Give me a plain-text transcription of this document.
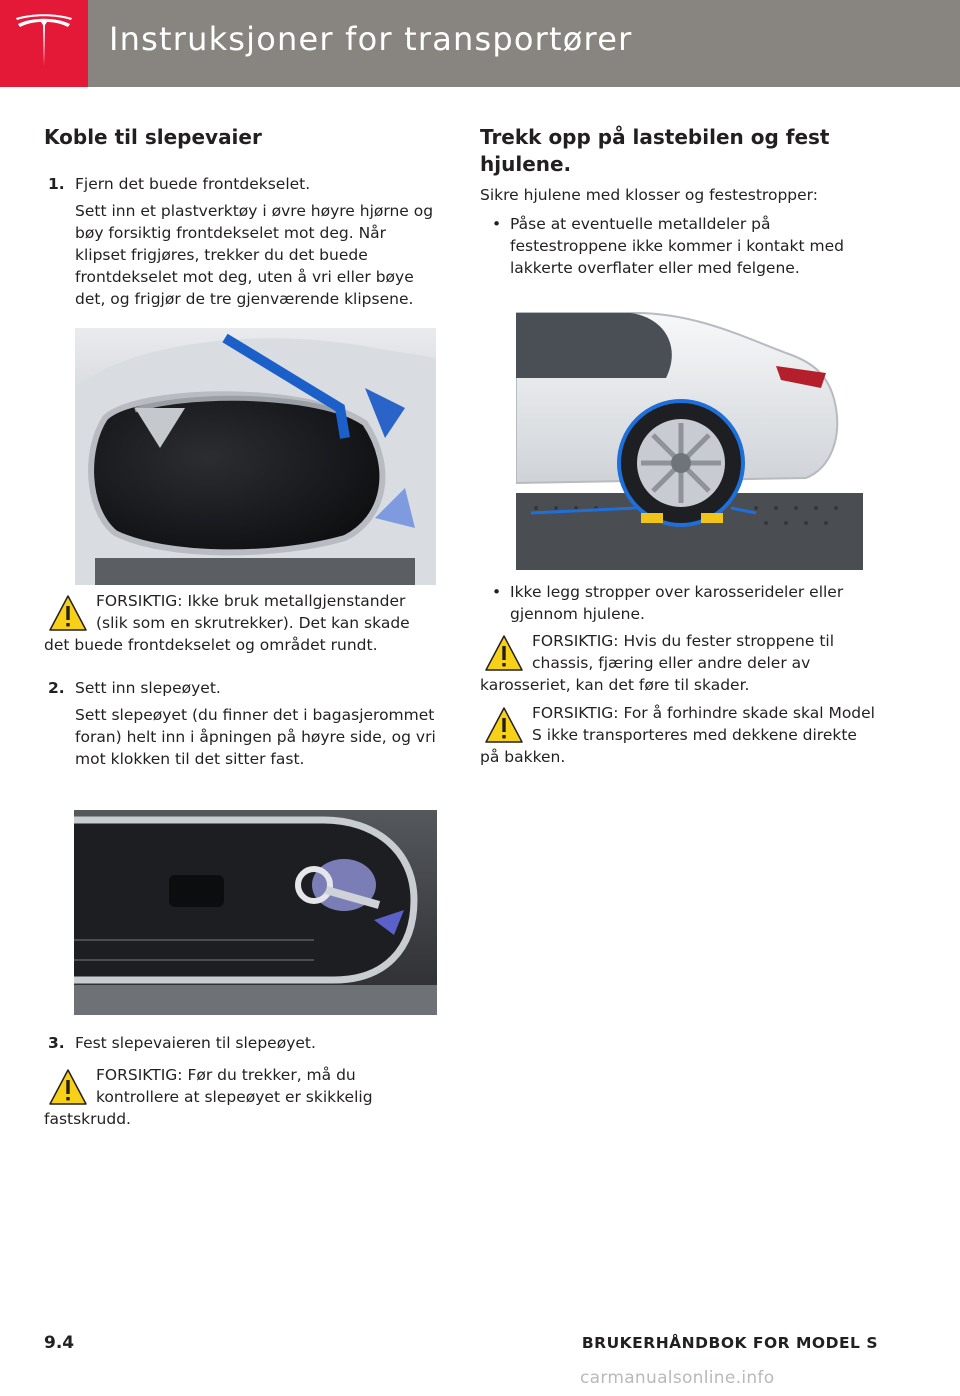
Instruksjoner for transportører
Koble til slepevaier
1. Fjern det buede frontdekselet.
Sett inn et plastverktøy i øvre høyre hjørne og bøy forsiktig frontdekselet mot deg. Når klipset frigjøres, trekker du det buede frontdekselet mot deg, uten å vri eller bøye det, og frigjør de tre gjenværende klipsene.
FORSIKTIG: Ikke bruk metallgjenstander (slik som en skrutrekker). Det kan skade det buede frontdekselet og området rundt.
2. Sett inn slepeøyet.
Sett slepeøyet (du finner det i bagasjerommet foran) helt inn i åpningen på høyre side, og vri mot klokken til det sitter fast.
3. Fest slepevaieren til slepeøyet.
FORSIKTIG: Før du trekker, må du kontrollere at slepeøyet er skikkelig fastskrudd.
Trekk opp på lastebilen og fest hjulene.
Sikre hjulene med klosser og festestropper:
• Påse at eventuelle metalldeler på festestroppene ikke kommer i kontakt med lakkerte overflater eller med felgene.
• Ikke legg stropper over karosserideler eller gjennom hjulene.
FORSIKTIG: Hvis du fester stroppene til chassis, fjæring eller andre deler av karosseriet, kan det føre til skader.
FORSIKTIG: For å forhindre skade skal Model S ikke transporteres med dekkene direkte på bakken.
9.4	BRUKERHÅNDBOK FOR MODEL S
carmanualsonline.info
